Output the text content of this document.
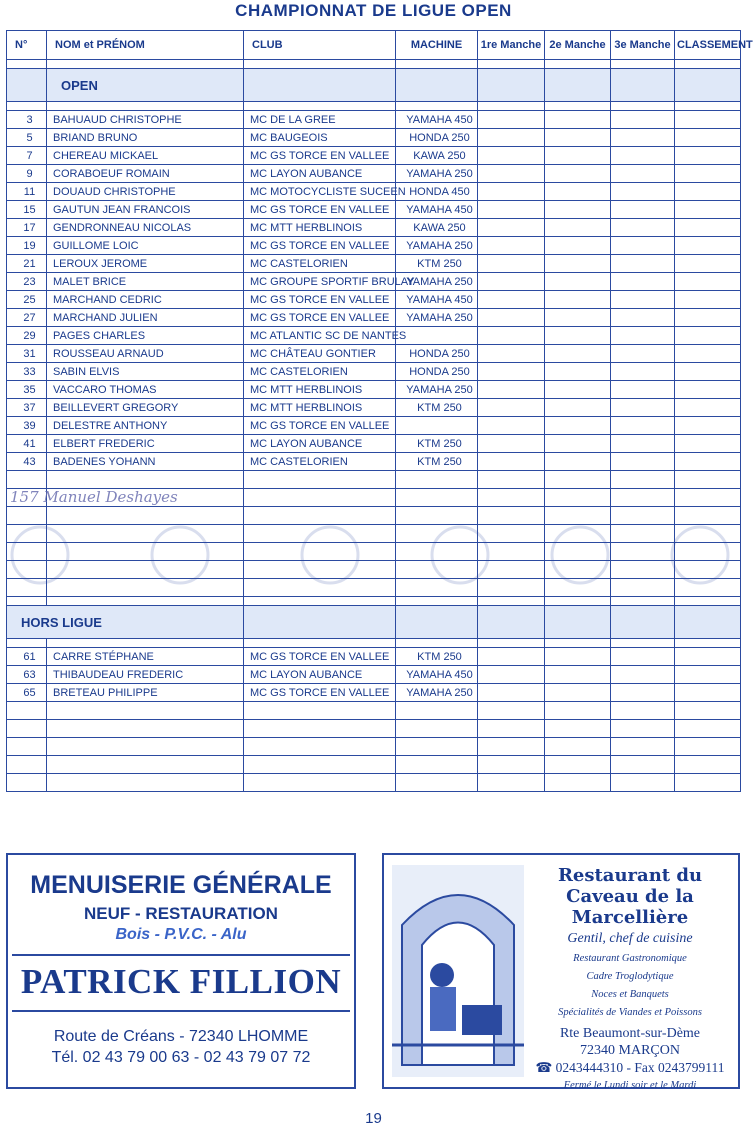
CHAMPIONNAT DE LIGUE OPEN
N°	NOM et PRÉNOM	CLUB	MACHINE	1re Manche	2e Manche	3e Manche	CLASSEMENT

	OPEN						

3	BAHUAUD CHRISTOPHE	MC DE LA GREE	YAMAHA 450				
5	BRIAND BRUNO	MC BAUGEOIS	HONDA 250				
7	CHEREAU MICKAEL	MC GS TORCE EN VALLEE	KAWA 250				
9	CORABOEUF ROMAIN	MC LAYON AUBANCE	YAMAHA 250				
11	DOUAUD CHRISTOPHE	MC MOTOCYCLISTE SUCEEN	HONDA 450				
15	GAUTUN JEAN FRANCOIS	MC GS TORCE EN VALLEE	YAMAHA 450				
17	GENDRONNEAU NICOLAS	MC MTT HERBLINOIS	KAWA 250				
19	GUILLOME LOIC	MC GS TORCE EN VALLEE	YAMAHA 250				
21	LEROUX JEROME	MC CASTELORIEN	KTM 250				
23	MALET BRICE	MC GROUPE SPORTIF BRULAY	YAMAHA 250				
25	MARCHAND CEDRIC	MC GS TORCE EN VALLEE	YAMAHA 450				
27	MARCHAND JULIEN	MC GS TORCE EN VALLEE	YAMAHA 250				
29	PAGES CHARLES	MC ATLANTIC SC DE NANTES					
31	ROUSSEAU ARNAUD	MC CHÂTEAU GONTIER	HONDA 250				
33	SABIN ELVIS	MC CASTELORIEN	HONDA 250				
35	VACCARO THOMAS	MC MTT HERBLINOIS	YAMAHA 250				
37	BEILLEVERT GREGORY	MC MTT HERBLINOIS	KTM 250				
39	DELESTRE ANTHONY	MC GS TORCE EN VALLEE					
41	ELBERT FREDERIC	MC LAYON AUBANCE	KTM 250				
43	BADENES YOHANN	MC CASTELORIEN	KTM 250				

HORS LIGUE							

61	CARRE STÉPHANE	MC GS TORCE EN VALLEE	KTM 250				
63	THIBAUDEAU FREDERIC	MC LAYON AUBANCE	YAMAHA 450				
65	BRETEAU PHILIPPE	MC GS TORCE EN VALLEE	YAMAHA 250				

157 Manuel Deshayes
MENUISERIE GÉNÉRALE
NEUF - RESTAURATION
Bois - P.V.C. - Alu
PATRICK FILLION
Route de Créans - 72340 LHOMME
Tél. 02 43 79 00 63 - 02 43 79 07 72
Restaurant du
Caveau de la Marcellière
Gentil, chef de cuisine
Restaurant Gastronomique
Cadre Troglodytique
Noces et Banquets
Spécialités de Viandes et Poissons
Rte Beaumont-sur-Dème
72340 MARÇON
☎ 0243444310 - Fax 0243799111
Fermé le Lundi soir et le Mardi
19
